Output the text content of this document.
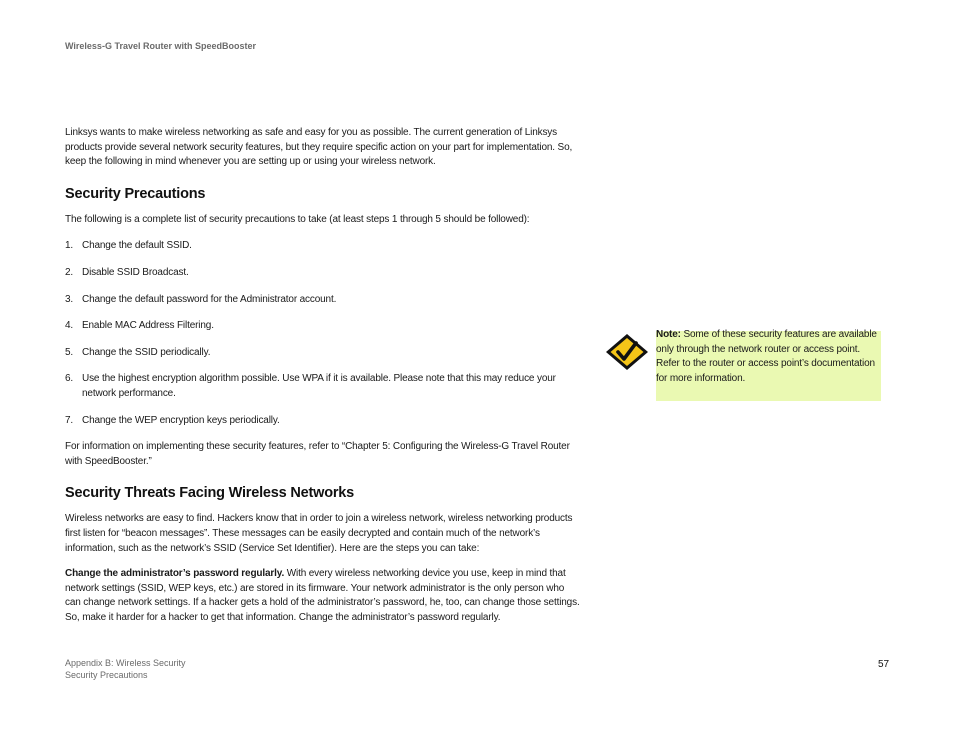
Wireless-G Travel Router with SpeedBooster

Linksys wants to make wireless networking as safe and easy for you as possible. The current generation of Linksys products provide several network security features, but they require specific action on your part for implementation. So, keep the following in mind whenever you are setting up or using your wireless network.

Security Precautions

The following is a complete list of security precautions to take (at least steps 1 through 5 should be followed):

1. Change the default SSID.
2. Disable SSID Broadcast.
3. Change the default password for the Administrator account.
4. Enable MAC Address Filtering.
5. Change the SSID periodically.
6. Use the highest encryption algorithm possible. Use WPA if it is available. Please note that this may reduce your network performance.
7. Change the WEP encryption keys periodically.

For information on implementing these security features, refer to “Chapter 5: Configuring the Wireless-G Travel Router with SpeedBooster.”

Security Threats Facing Wireless Networks

Wireless networks are easy to find. Hackers know that in order to join a wireless network, wireless networking products first listen for “beacon messages”. These messages can be easily decrypted and contain much of the network’s information, such as the network’s SSID (Service Set Identifier). Here are the steps you can take:

Change the administrator’s password regularly. With every wireless networking device you use, keep in mind that network settings (SSID, WEP keys, etc.) are stored in its firmware. Your network administrator is the only person who can change network settings. If a hacker gets a hold of the administrator’s password, he, too, can change those settings. So, make it harder for a hacker to get that information. Change the administrator’s password regularly.

Note: Some of these security features are available only through the network router or access point. Refer to the router or access point’s documentation for more information.
Appendix B: Wireless Security
Security Precautions
57
